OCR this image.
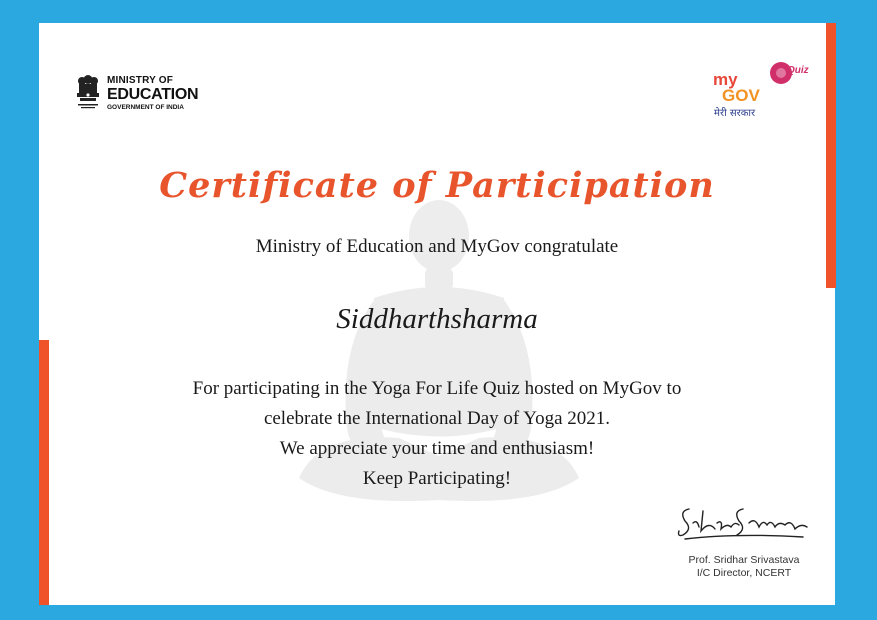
MINISTRY OF
EDUCATION
GOVERNMENT OF INDIA
my
GOV
Quiz
मेरी सरकार
Certificate of Participation
Ministry of Education and MyGov congratulate
Siddharthsharma
For participating in the Yoga For Life Quiz hosted on MyGov to
celebrate the International Day of Yoga 2021.
We appreciate your time and enthusiasm!
Keep Participating!
Sridhar Srivastava
Prof. Sridhar Srivastava
I/C Director, NCERT
